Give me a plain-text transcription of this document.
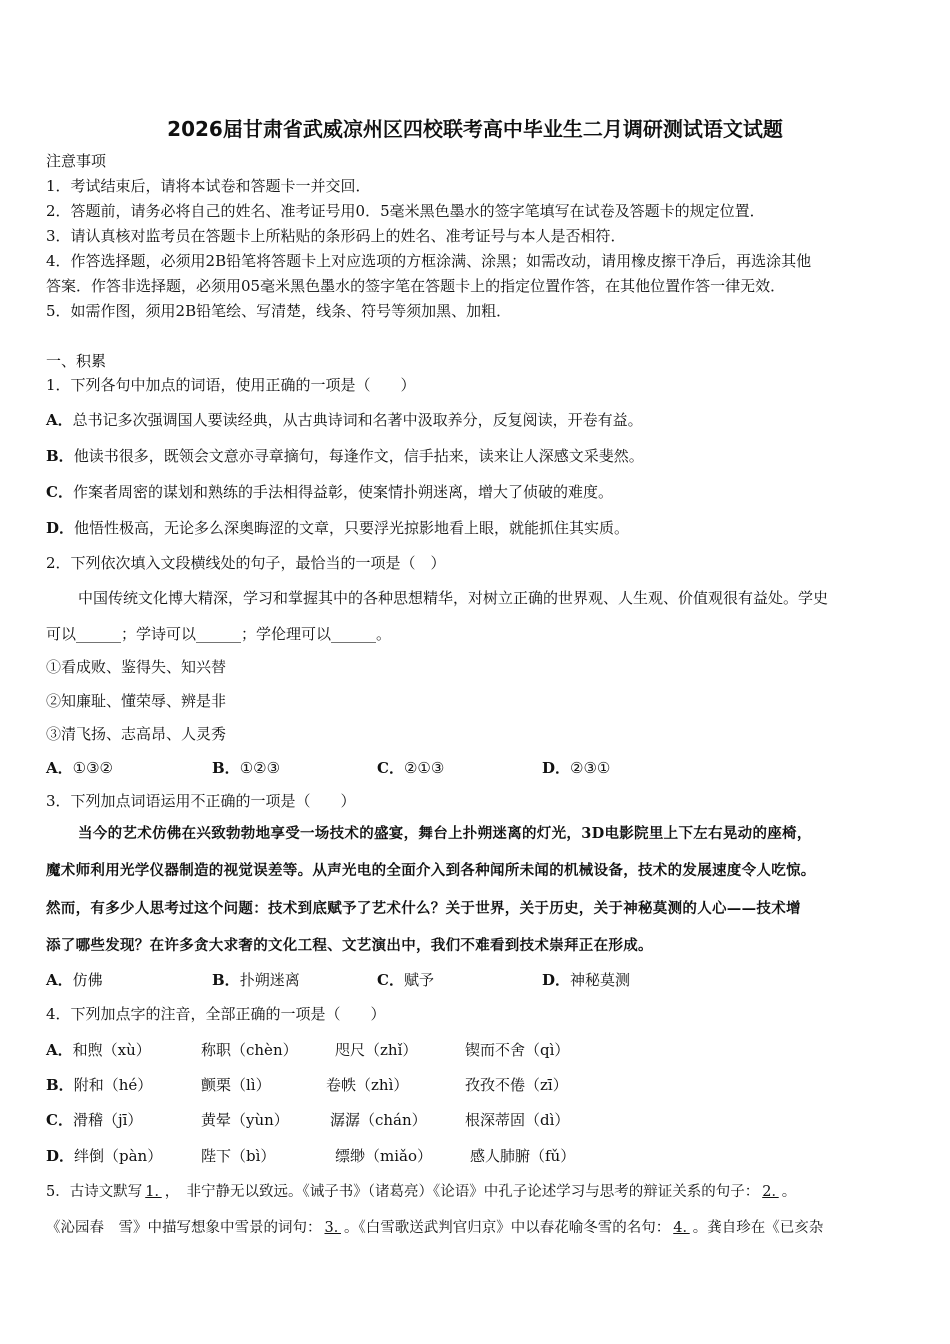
2026届甘肃省武威凉州区四校联考高中毕业生二月调研测试语文试题
注意事项
1．考试结束后，请将本试卷和答题卡一并交回．
2．答题前，请务必将自己的姓名、准考证号用0．5毫米黑色墨水的签字笔填写在试卷及答题卡的规定位置．
3．请认真核对监考员在答题卡上所粘贴的条形码上的姓名、准考证号与本人是否相符．
4．作答选择题，必须用2B铅笔将答题卡上对应选项的方框涂满、涂黑；如需改动，请用橡皮擦干净后，再选涂其他
答案．作答非选择题，必须用05毫米黑色墨水的签字笔在答题卡上的指定位置作答，在其他位置作答一律无效．
5．如需作图，须用2B铅笔绘、写清楚，线条、符号等须加黑、加粗．
一、积累
1．下列各句中加点的词语，使用正确的一项是（　　）
A．总书记多次强调国人要读经典，从古典诗词和名著中汲取养分，反复阅读，开卷有益。
B．他读书很多，既领会文意亦寻章摘句，每逢作文，信手拈来，读来让人深感文采斐然。
C．作案者周密的谋划和熟练的手法相得益彰，使案情扑朔迷离，增大了侦破的难度。
D．他悟性极高，无论多么深奥晦涩的文章，只要浮光掠影地看上眼，就能抓住其实质。
2．下列依次填入文段横线处的句子，最恰当的一项是（　）
中国传统文化博大精深，学习和掌握其中的各种思想精华，对树立正确的世界观、人生观、价值观很有益处。学史
可以______；学诗可以______；学伦理可以______。
①看成败、鉴得失、知兴替
②知廉耻、懂荣辱、辨是非
③清飞扬、志高昂、人灵秀
A．①③②	B．①②③	C．②①③	D．②③①
3．下列加点词语运用不正确的一项是（　　）
当今的艺术仿佛在兴致勃勃地享受一场技术的盛宴，舞台上扑朔迷离的灯光，3D电影院里上下左右晃动的座椅，
魔术师利用光学仪器制造的视觉误差等。从声光电的全面介入到各种闻所未闻的机械设备，技术的发展速度令人吃惊。
然而，有多少人思考过这个问题：技术到底赋予了艺术什么？关于世界，关于历史，关于神秘莫测的人心——技术增
添了哪些发现？在许多贪大求奢的文化工程、文艺演出中，我们不难看到技术崇拜正在形成。
A．仿佛	B．扑朔迷离	C．赋予	D．神秘莫测
4．下列加点字的注音，全部正确的一项是（　　）
A．和煦（xù）	称职（chèn） 咫尺（zhǐ）	锲而不舍（qì）
B．附和（hé）	颤栗（lì）	卷帙（zhì）	孜孜不倦（zī）
C．滑稽（jī）	黄晕（yùn）	潺潺（chán）	根深蒂固（dì）
D．绊倒（pàn）	陛下（bì）	缥缈（miǎo）	感人肺腑（fǔ）
5．古诗文默写 1． ，　非宁静无以致远。《诫子书》（诸葛亮）《论语》中孔子论述学习与思考的辩证关系的句子： 2． 。
《沁园春　雪》中描写想象中雪景的词句： 3． 。《白雪歌送武判官归京》中以春花喻冬雪的名句： 4． 。龚自珍在《已亥杂
